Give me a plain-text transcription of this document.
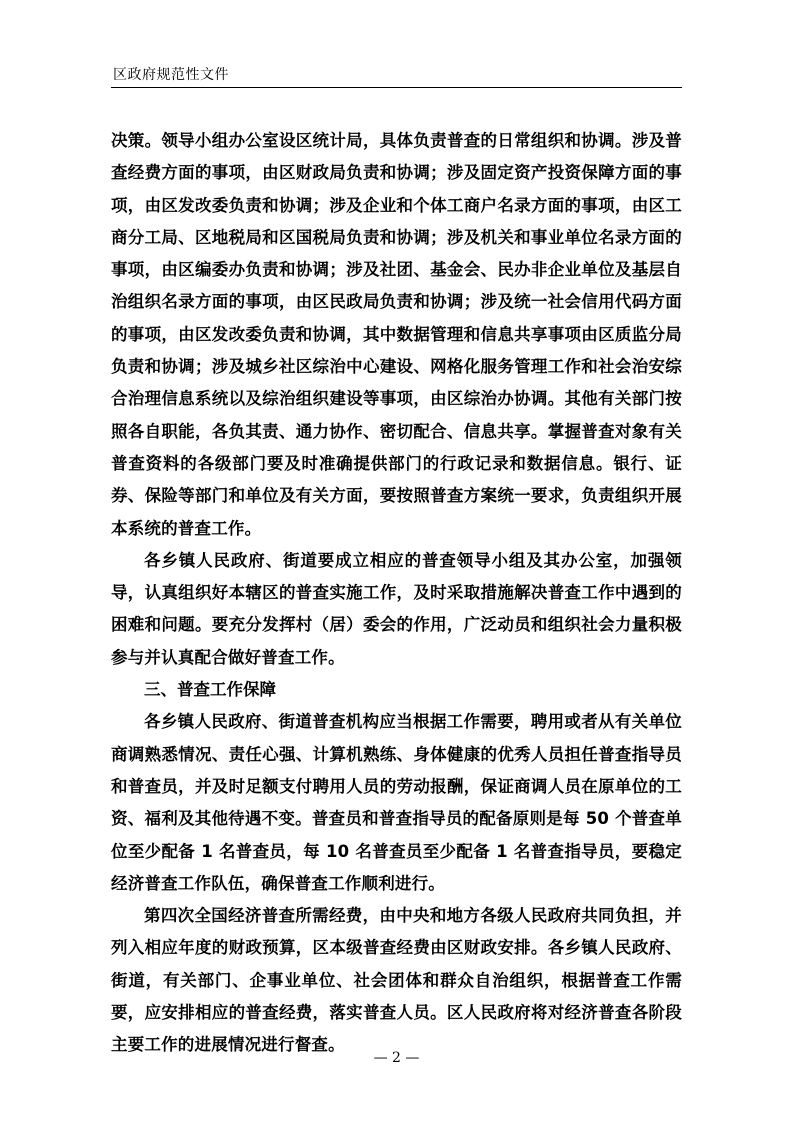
区政府规范性文件

决策。领导小组办公室设区统计局，具体负责普查的日常组织和协调。涉及普查经费方面的事项，由区财政局负责和协调；涉及固定资产投资保障方面的事项，由区发改委负责和协调；涉及企业和个体工商户名录方面的事项，由区工商分工局、区地税局和区国税局负责和协调；涉及机关和事业单位名录方面的事项，由区编委办负责和协调；涉及社团、基金会、民办非企业单位及基层自治组织名录方面的事项，由区民政局负责和协调；涉及统一社会信用代码方面的事项，由区发改委负责和协调，其中数据管理和信息共享事项由区质监分局负责和协调；涉及城乡社区综治中心建设、网格化服务管理工作和社会治安综合治理信息系统以及综治组织建设等事项，由区综治办协调。其他有关部门按照各自职能，各负其责、通力协作、密切配合、信息共享。掌握普查对象有关普查资料的各级部门要及时准确提供部门的行政记录和数据信息。银行、证券、保险等部门和单位及有关方面，要按照普查方案统一要求，负责组织开展本系统的普查工作。

各乡镇人民政府、街道要成立相应的普查领导小组及其办公室，加强领导，认真组织好本辖区的普查实施工作，及时采取措施解决普查工作中遇到的困难和问题。要充分发挥村（居）委会的作用，广泛动员和组织社会力量积极参与并认真配合做好普查工作。

三、普查工作保障

各乡镇人民政府、街道普查机构应当根据工作需要，聘用或者从有关单位商调熟悉情况、责任心强、计算机熟练、身体健康的优秀人员担任普查指导员和普查员，并及时足额支付聘用人员的劳动报酬，保证商调人员在原单位的工资、福利及其他待遇不变。普查员和普查指导员的配备原则是每 50 个普查单位至少配备 1 名普查员，每 10 名普查员至少配备 1 名普查指导员，要稳定经济普查工作队伍，确保普查工作顺利进行。

第四次全国经济普查所需经费，由中央和地方各级人民政府共同负担，并列入相应年度的财政预算，区本级普查经费由区财政安排。各乡镇人民政府、街道，有关部门、企事业单位、社会团体和群众自治组织，根据普查工作需要，应安排相应的普查经费，落实普查人员。区人民政府将对经济普查各阶段主要工作的进展情况进行督查。

— 2 —
